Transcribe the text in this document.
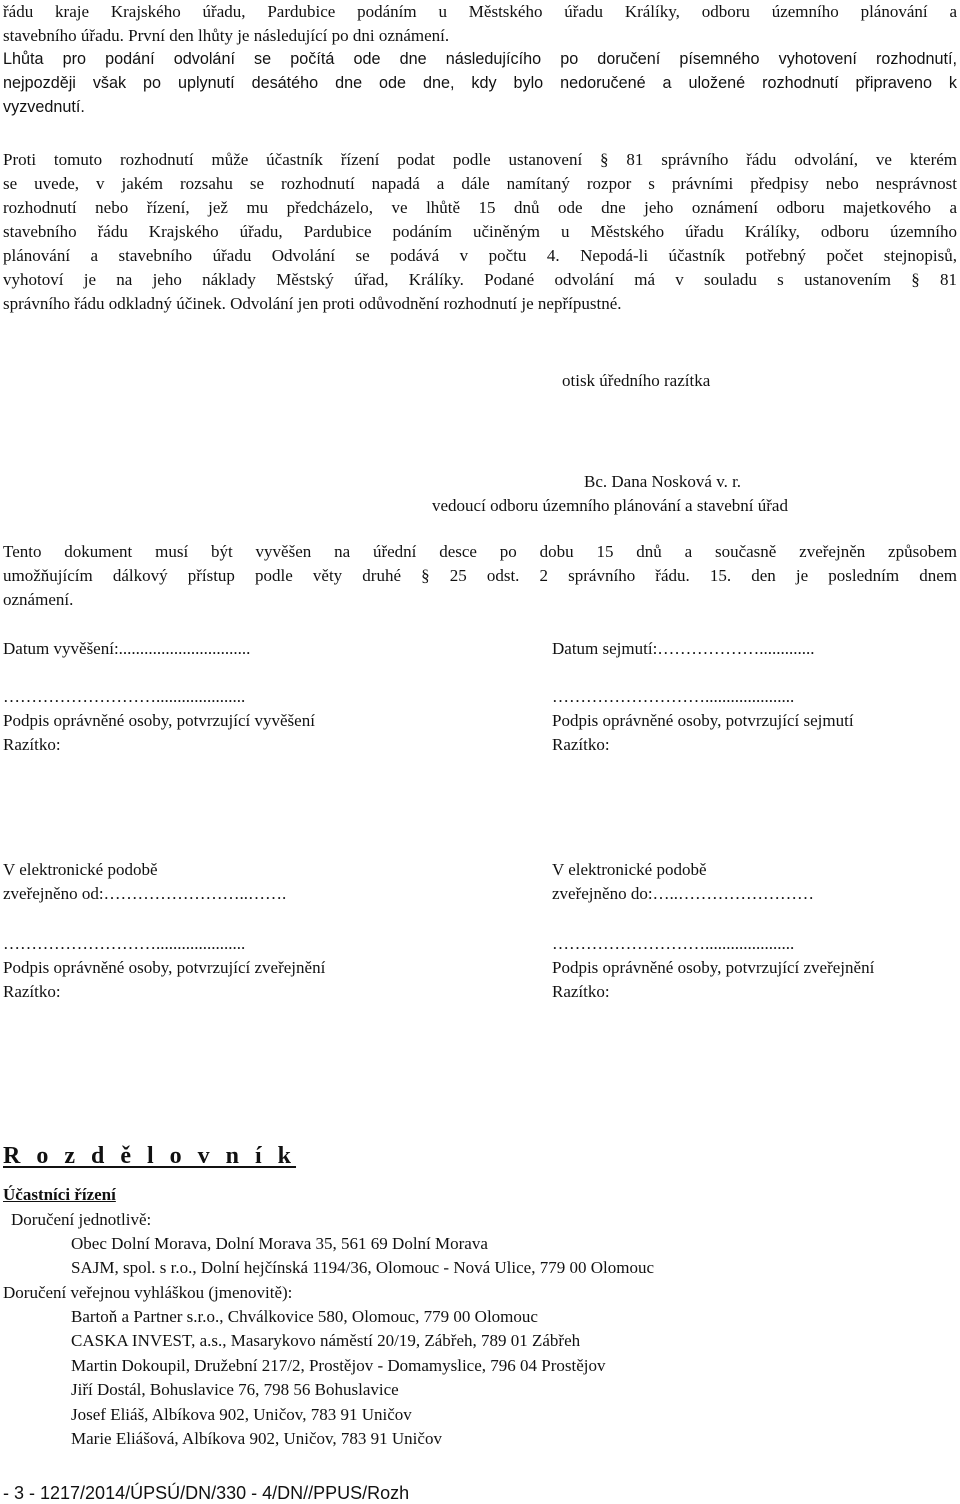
řádu kraje Krajského úřadu, Pardubice podáním u Městského úřadu Králíky, odboru územního plánování a
stavebního úřadu. První den lhůty je následující po dni oznámení.
Lhůta pro podání odvolání se počítá ode dne následujícího po doručení písemného vyhotovení rozhodnutí,
nejpozději však po uplynutí desátého dne ode dne, kdy bylo nedoručené a uložené rozhodnutí připraveno k
vyzvednutí.
Proti tomuto rozhodnutí může účastník řízení podat podle ustanovení § 81 správního řádu odvolání, ve kterém
se uvede, v jakém rozsahu se rozhodnutí napadá a dále namítaný rozpor s právními předpisy nebo nesprávnost
rozhodnutí nebo řízení, jež mu předcházelo, ve lhůtě 15 dnů ode dne jeho oznámení odboru majetkového a
stavebního řádu Krajského úřadu, Pardubice podáním učiněným u Městského úřadu Králíky, odboru územního
plánování a stavebního úřadu Odvolání se podává v počtu 4. Nepodá-li účastník potřebný počet stejnopisů,
vyhotoví je na jeho náklady Městský úřad, Králíky. Podané odvolání má v souladu s ustanovením § 81
správního řádu odkladný účinek. Odvolání jen proti odůvodnění rozhodnutí je nepřípustné.
otisk úředního razítka
Bc. Dana Nosková v. r.
vedoucí odboru územního plánování a stavební úřad
Tento dokument musí být vyvěšen na úřední desce po dobu 15 dnů a současně zveřejněn způsobem
umožňujícím dálkový přístup podle věty druhé § 25 odst. 2 správního řádu. 15. den je posledním dnem
oznámení.
Datum vyvěšení:...............................	Datum sejmutí:……………….............
……………………….....................	……………………….....................
Podpis oprávněné osoby, potvrzující vyvěšení	Podpis oprávněné osoby, potvrzující sejmutí
Razítko:	Razítko:
V elektronické podobě	V elektronické podobě
zveřejněno od:……………………..…….	zveřejněno do:…..……………………
……………………….....................	……………………….....................
Podpis oprávněné osoby, potvrzující zveřejnění	Podpis oprávněné osoby, potvrzující zveřejnění
Razítko:	Razítko:
R o z d ě l o v n í k
Účastníci řízení
Doručení jednotlivě:
Obec Dolní Morava, Dolní Morava 35, 561 69 Dolní Morava
SAJM, spol. s r.o., Dolní hejčínská 1194/36, Olomouc - Nová Ulice, 779 00 Olomouc
Doručení veřejnou vyhláškou (jmenovitě):
Bartoň a Partner s.r.o., Chválkovice 580, Olomouc, 779 00 Olomouc
CASKA INVEST, a.s., Masarykovo náměstí 20/19, Zábřeh, 789 01 Zábřeh
Martin Dokoupil, Družební 217/2, Prostějov - Domamyslice, 796 04 Prostějov
Jiří Dostál, Bohuslavice 76, 798 56 Bohuslavice
Josef Eliáš, Albíkova 902, Uničov, 783 91 Uničov
Marie Eliášová, Albíkova 902, Uničov, 783 91 Uničov
- 3 - 1217/2014/ÚPSÚ/DN/330 - 4/DN//PPUS/Rozh
